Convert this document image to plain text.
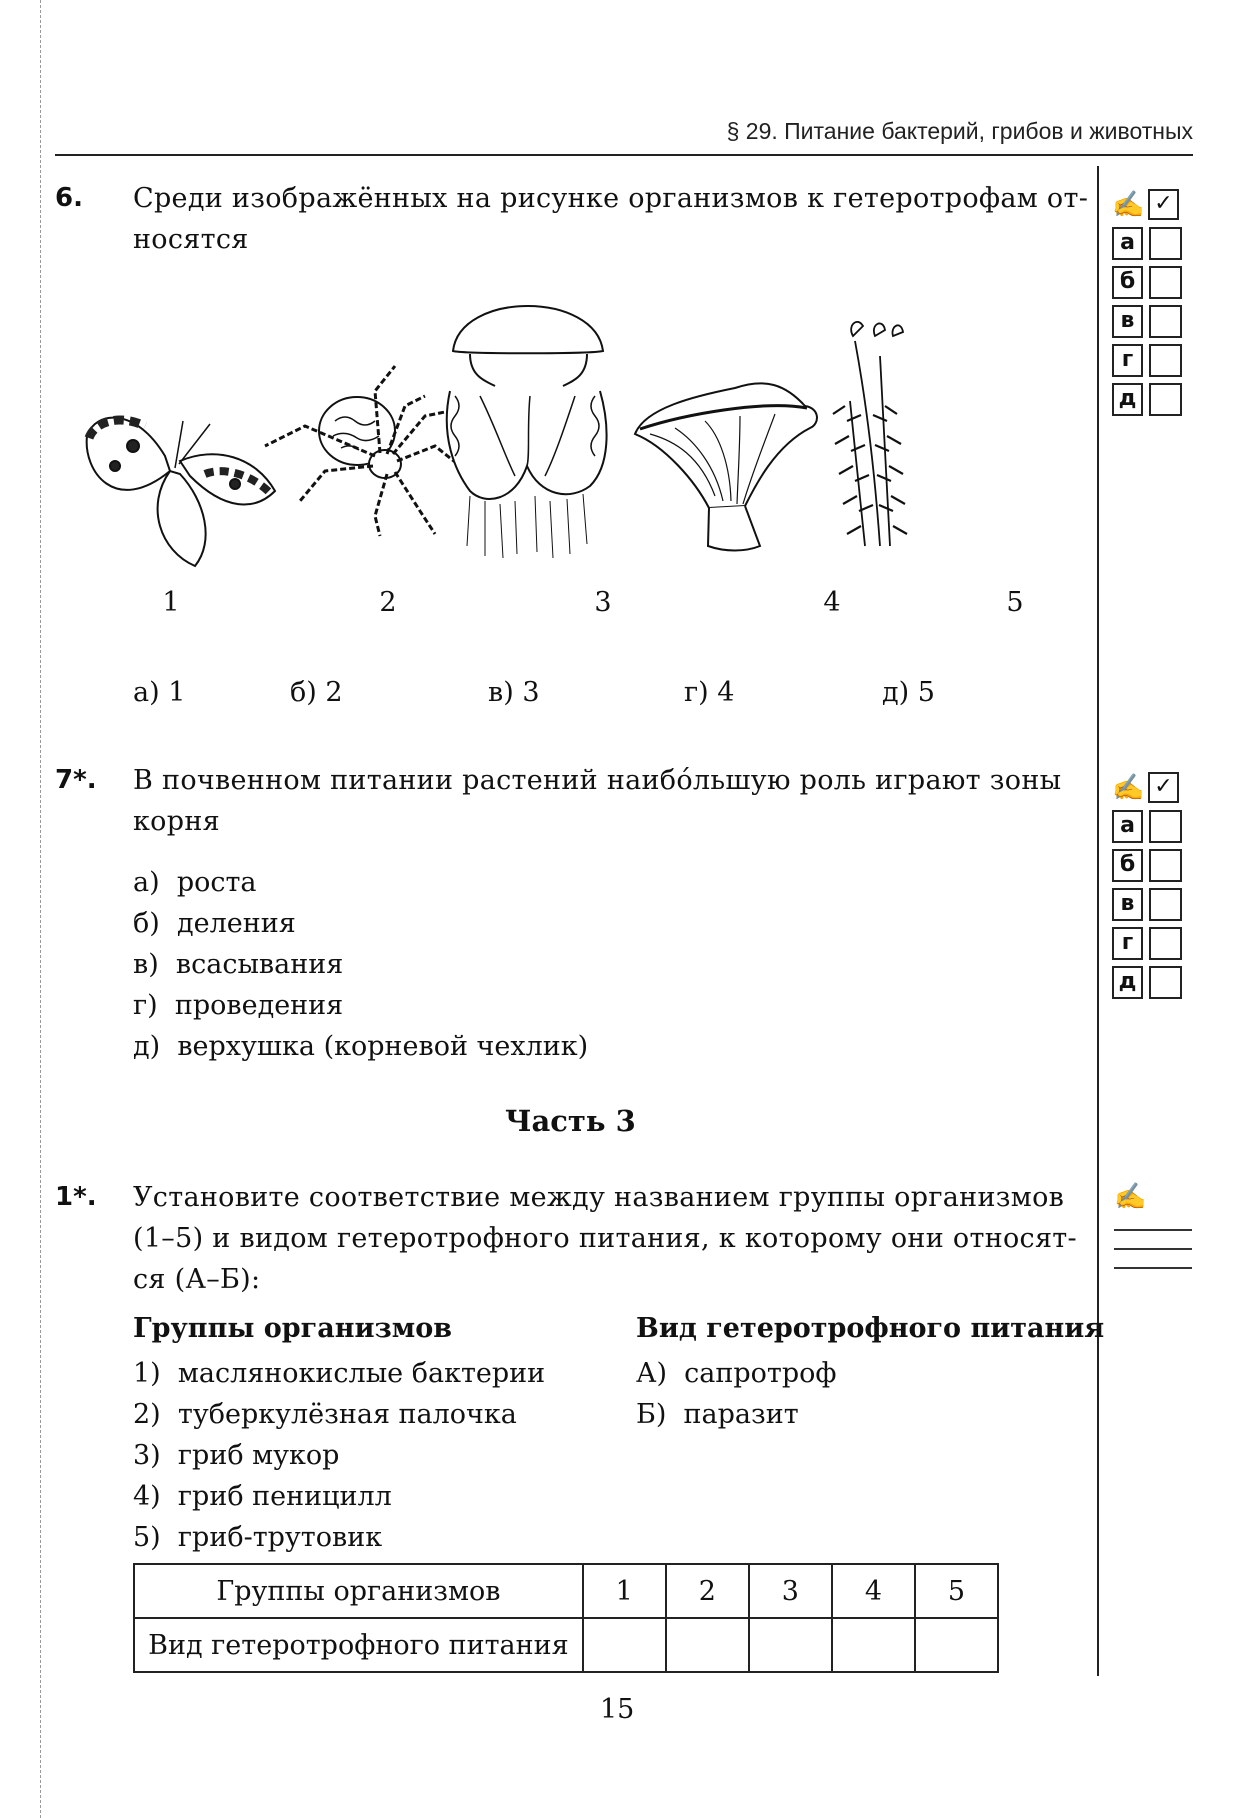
§ 29. Питание бактерий, грибов и животных
6. Среди изображённых на рисунке организмов к гетеротрофам от-
носятся
1	2	3	4	5
а) 1	б) 2	в) 3	г) 4	д) 5
✍ ✓
а
б
в
г
д
7*. В почвенном питании растений наибо́льшую роль играют зоны
корня
а) роста
б) деления
в) всасывания
г) проведения
д) верхушка (корневой чехлик)
✍ ✓
а
б
в
г
д
Часть 3
1*. Установите соответствие между названием группы организмов
(1–5) и видом гетеротрофного питания, к которому они относят-
ся (А–Б):
✍
Группы организмов	Вид гетеротрофного питания
1) маслянокислые бактерии
2) туберкулёзная палочка
3) гриб мукор
4) гриб пеницилл
5) гриб-трутовик
А) сапротроф
Б) паразит
Группы организмов	1	2	3	4	5
Вид гетеротрофного питания					
15
